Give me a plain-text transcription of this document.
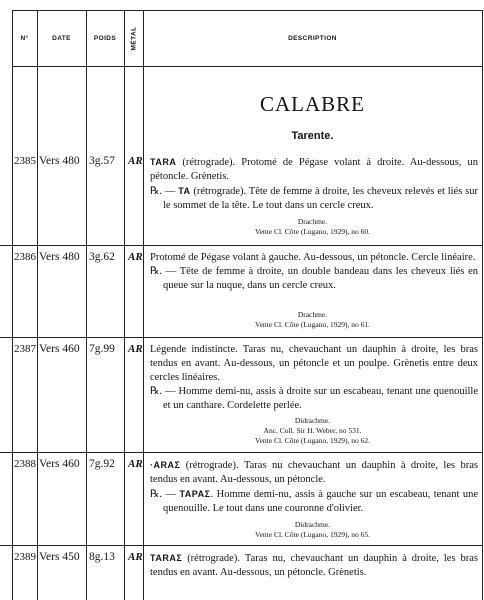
N°	DATE	POIDS	MÉTAL	DESCRIPTION
CALABRE
Tarente.
2385 Vers 480 3g.57	AR TARA (rétrograde). Protomé de Pégase volant à droite. Au-dessous, un pétoncle. Grènetis.

℞. — TA (rétrograde). Tête de femme à droite, les cheveux relevés et liés sur le sommet de la tête. Le tout dans un cercle creux.

Drachme.
Vente Cl. Côte (Lugano, 1929), no 60.
2386 Vers 480 3g.62	AR Protomé de Pégase volant à gauche. Au-dessous, un pétoncle. Cercle linéaire.

℞. — Tête de femme à droite, un double bandeau dans les cheveux liés en queue sur la nuque, dans un cercle creux.

Drachme.
Vente Cl. Côte (Lugano, 1929), no 61.
2387 Vers 460 7g.99	AR Légende indistincte. Taras nu, chevauchant un dauphin à droite, les bras tendus en avant. Au-dessous, un pétoncle et un poulpe. Grènetis entre deux cercles linéaires.

℞. — Homme demi-nu, assis à droite sur un escabeau, tenant une quenouille et un canthare. Cordelette perlée.

Didrachme.
Anc. Coll. Sir H. Weber, no 531.
Vente Cl. Côte (Lugano, 1929), no 62.
2388 Vers 460 7g.92	AR ·ARAΣ (rétrograde). Taras nu chevauchant un dauphin à droite, les bras tendus en avant. Au-dessous, un pétoncle.

℞. — TAPAΣ. Homme demi-nu, assis à gauche sur un escabeau, tenant une quenouille. Le tout dans une couronne d'olivier.

Didrachme.
Vente Cl. Côte (Lugano, 1929), no 65.
2389 Vers 450 8g.13	AR TARAΣ (rétrograde). Taras nu, chevauchant un dauphin à droite, les bras tendus en avant. Au-dessous, un pétoncle. Grènetis.
